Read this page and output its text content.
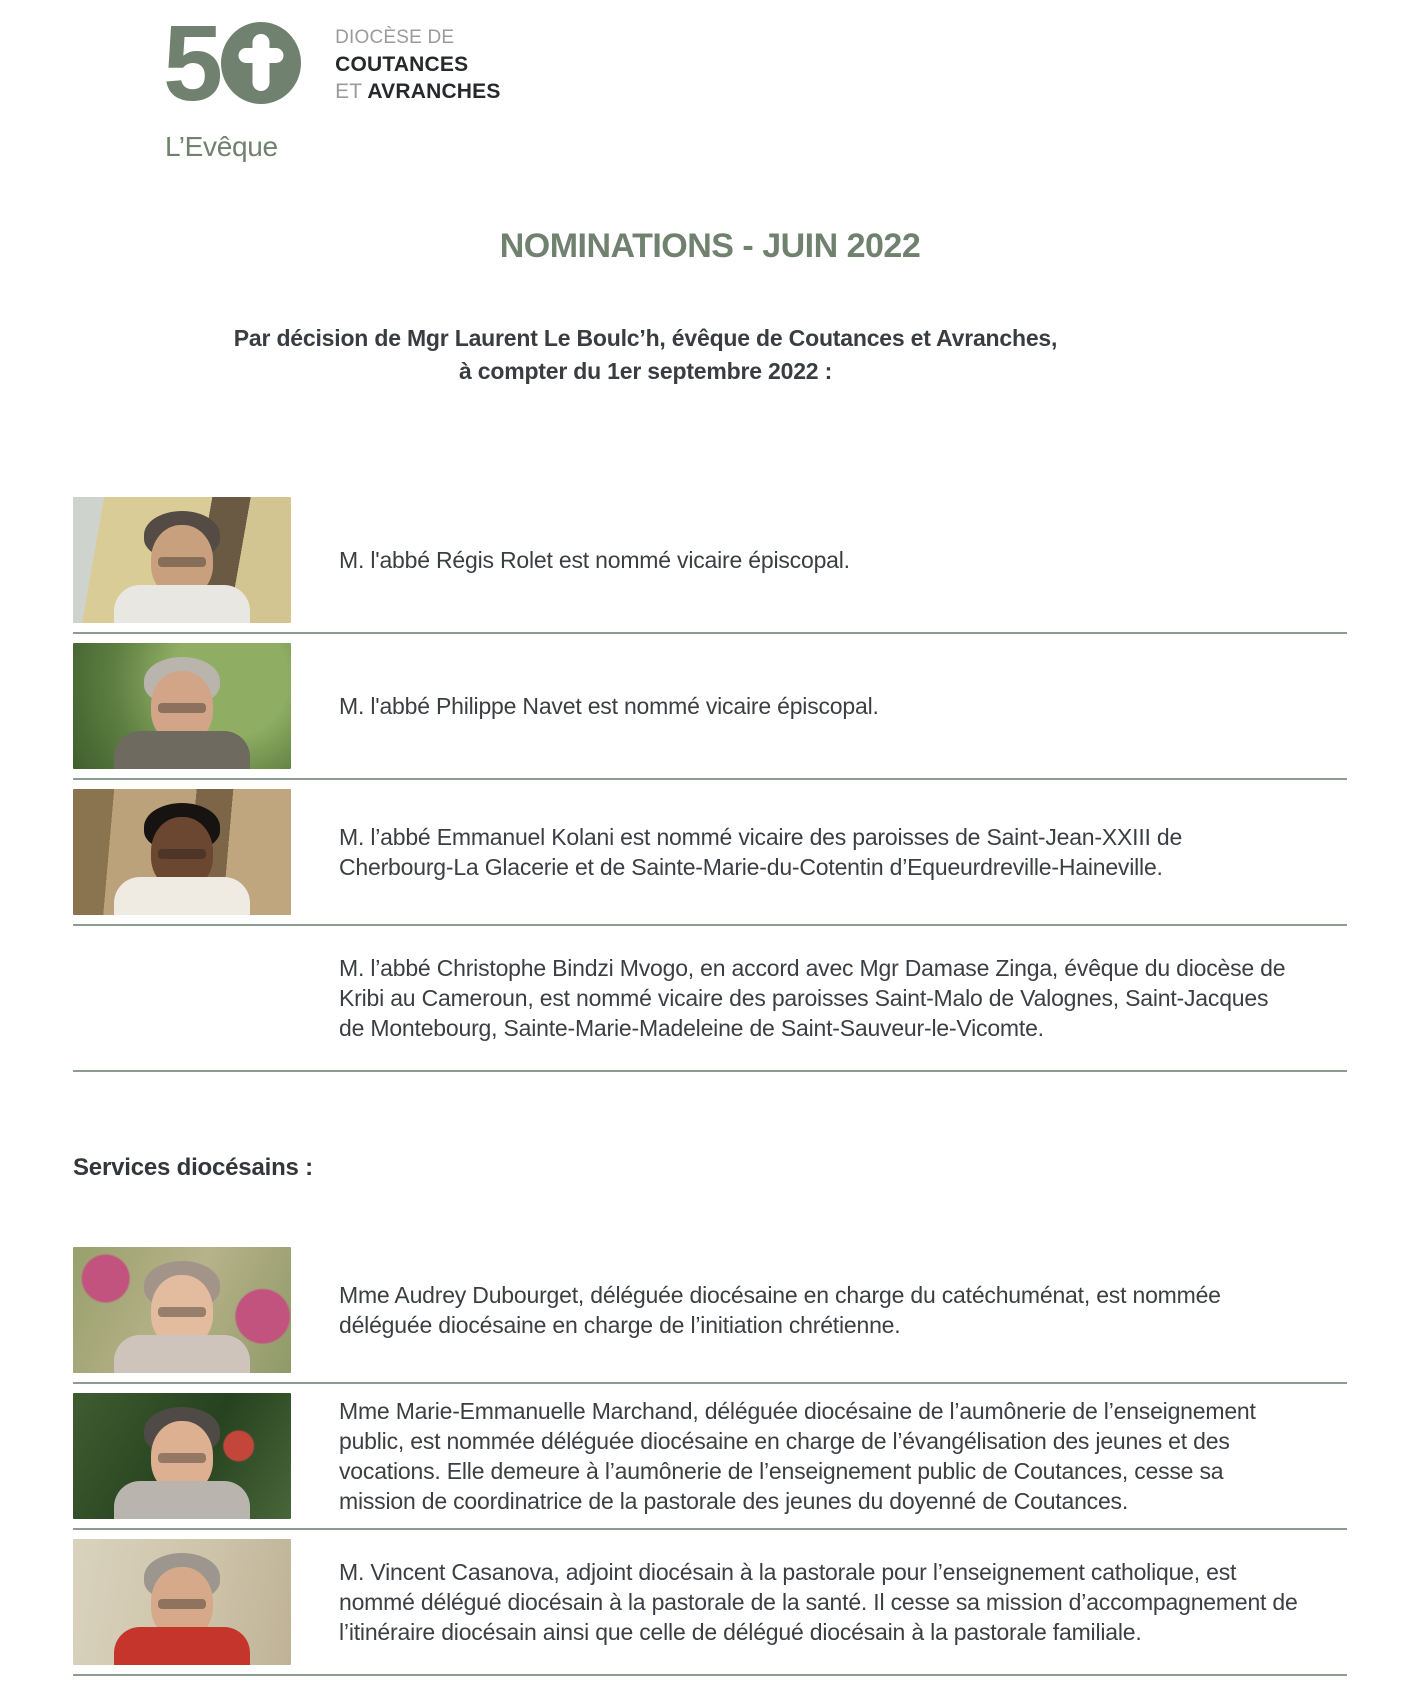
5	DIOCÈSE DE
COUTANCES
ET AVRANCHES
L’Evêque
NOMINATIONS - JUIN 2022
Par décision de Mgr Laurent Le Boulc’h, évêque de Coutances et Avranches,
à compter du 1er septembre 2022 :

M. l'abbé Régis Rolet est nommé vicaire épiscopal.

M. l'abbé Philippe Navet est nommé vicaire épiscopal.

M. l’abbé Emmanuel Kolani est nommé vicaire des paroisses de Saint-Jean-XXIII de Cherbourg-La Glacerie et de Sainte-Marie-du-Cotentin d’Equeurdreville-Haineville.

M. l’abbé Christophe Bindzi Mvogo, en accord avec Mgr Damase Zinga, évêque du diocèse de Kribi au Cameroun, est nommé vicaire des paroisses Saint-Malo de Valognes, Saint-Jacques de Montebourg, Sainte-Marie-Madeleine de Saint-Sauveur-le-Vicomte.

Services diocésains :

Mme Audrey Dubourget, déléguée diocésaine en charge du catéchuménat, est nommée déléguée diocésaine en charge de l’initiation chrétienne.

Mme Marie-Emmanuelle Marchand, déléguée diocésaine de l’aumônerie de l’enseignement public, est nommée déléguée diocésaine en charge de l’évangélisation des jeunes et des vocations. Elle demeure à l’aumônerie de l’enseignement public de Coutances, cesse sa mission de coordinatrice de la pastorale des jeunes du doyenné de Coutances.

M. Vincent Casanova, adjoint diocésain à la pastorale pour l’enseignement catholique, est nommé délégué diocésain à la pastorale de la santé. Il cesse sa mission d’accompagnement de l’itinéraire diocésain ainsi que celle de délégué diocésain à la pastorale familiale.
